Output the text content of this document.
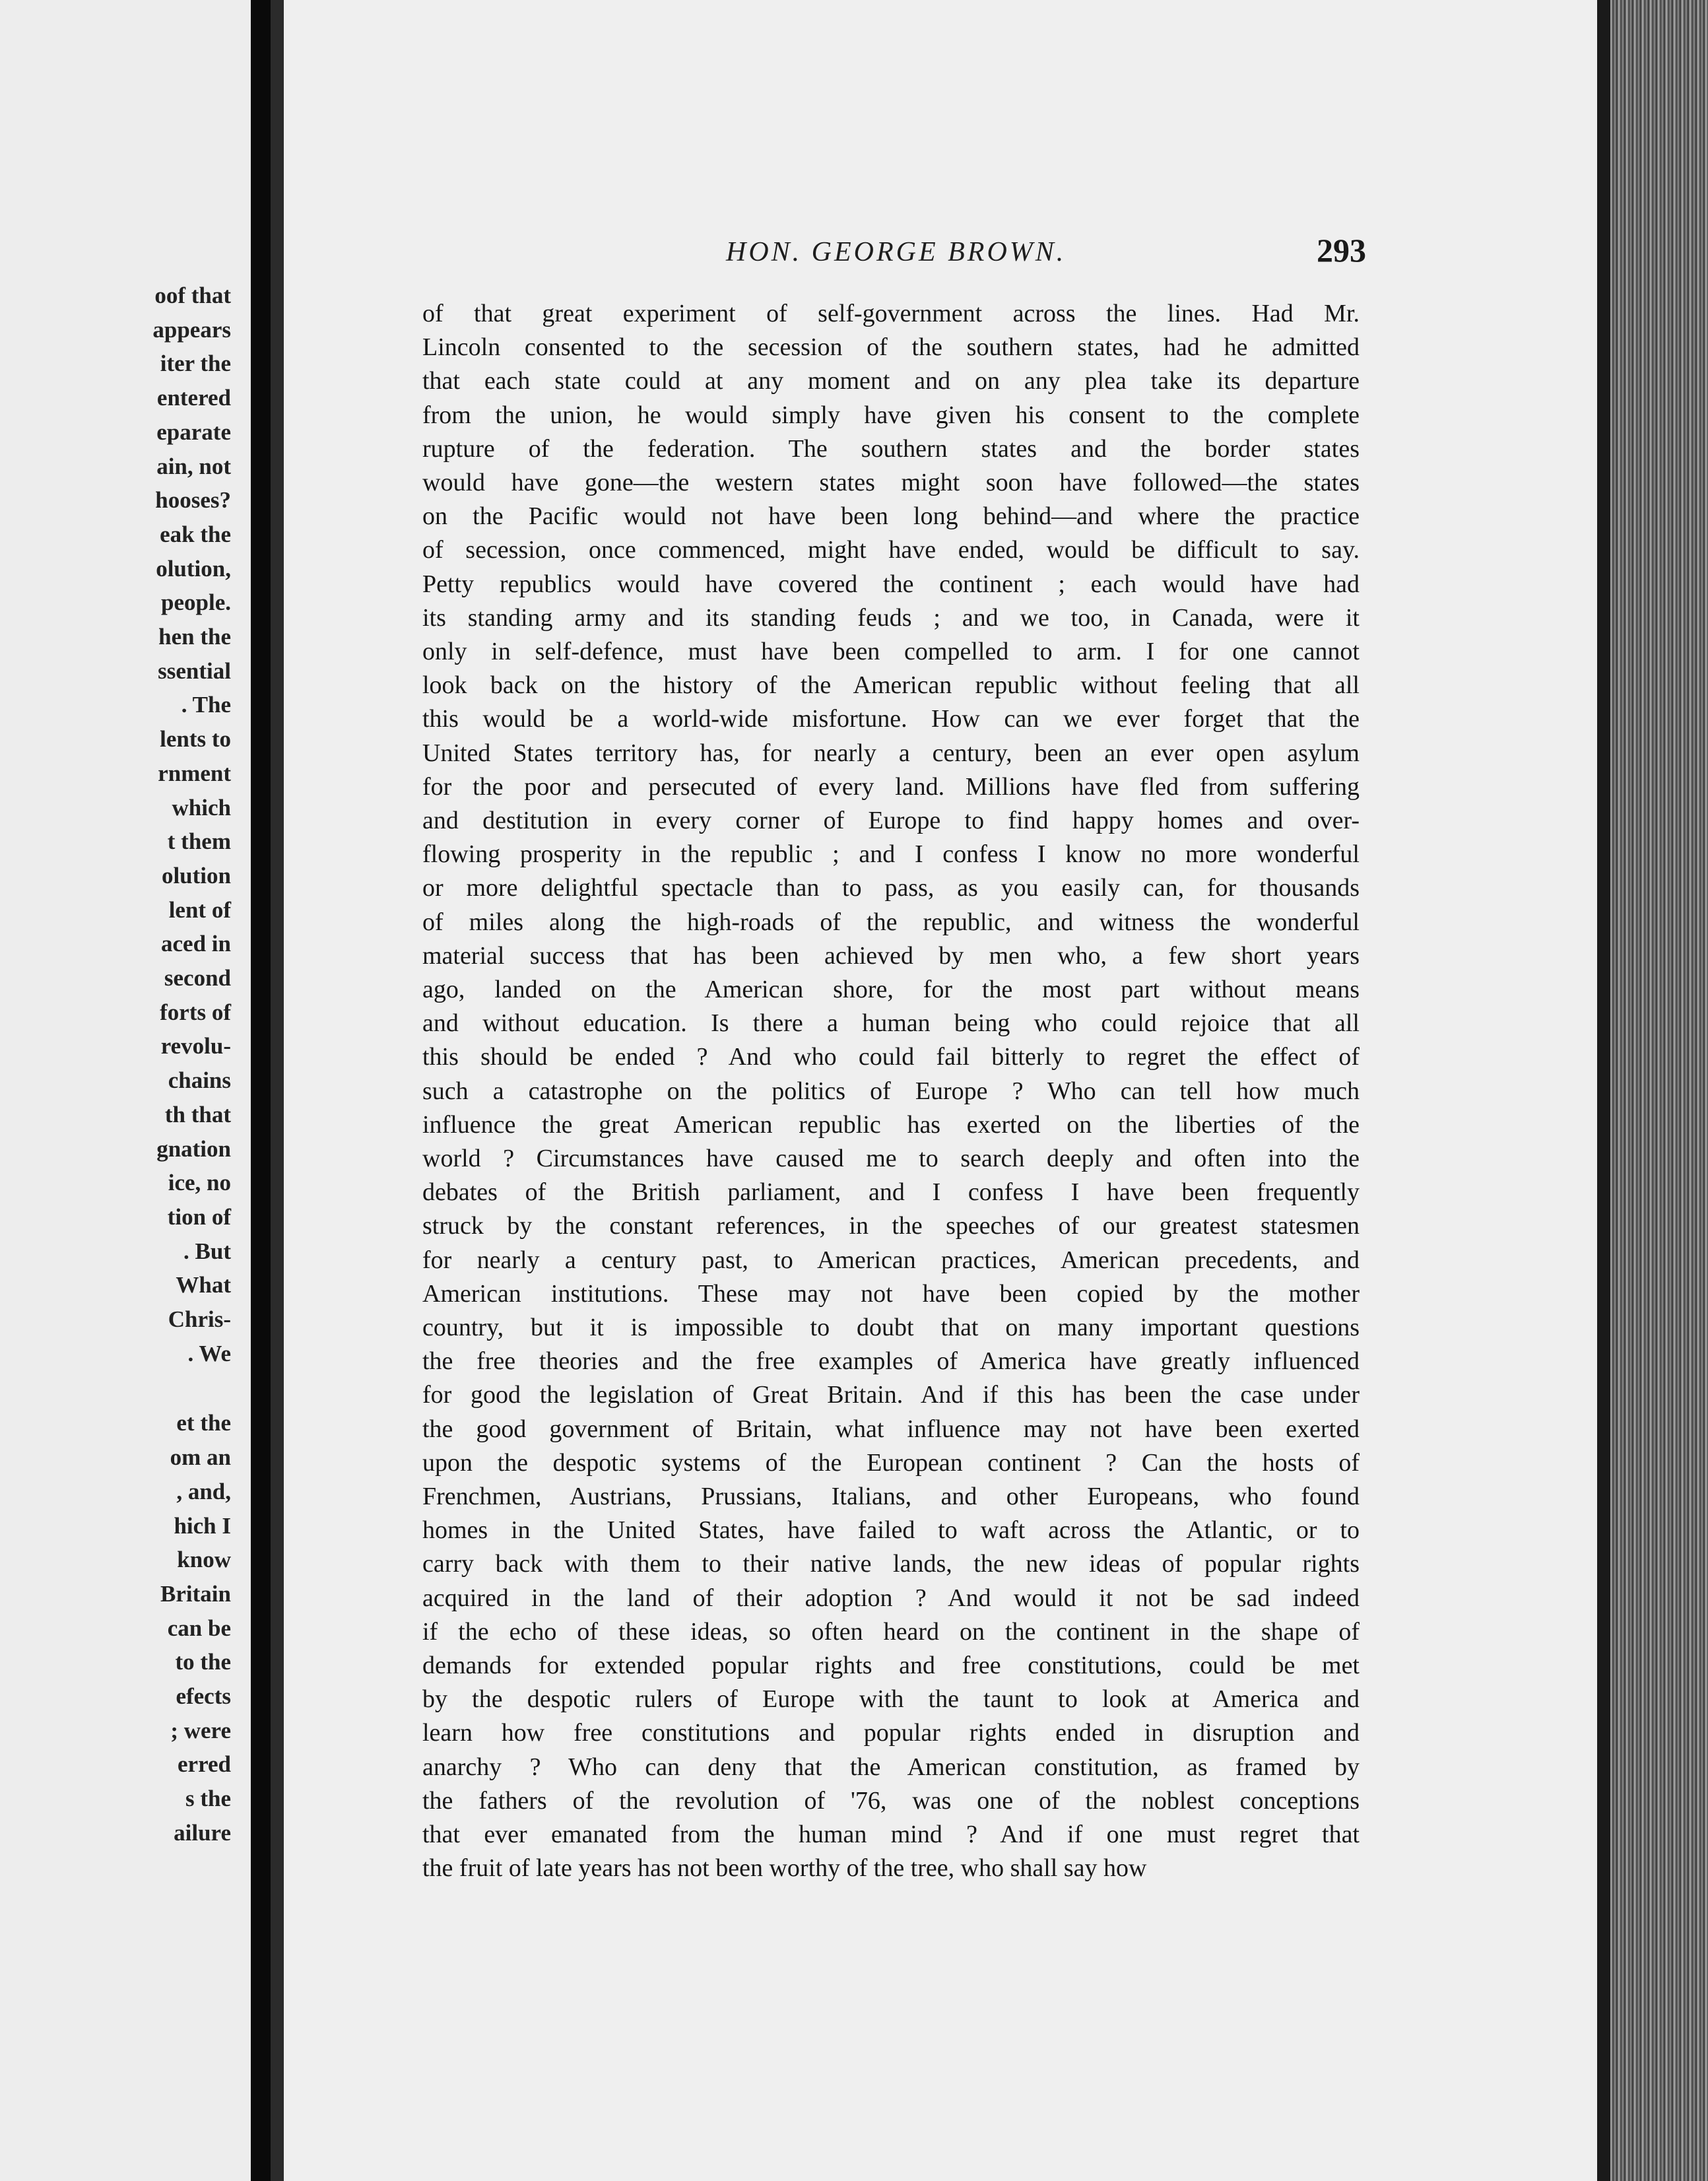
oof that
appears
iter the
entered
eparate
ain, not
hooses?
eak the
olution,
people.
hen the
ssential
. The
lents to
rnment
which
t them
olution
lent of
aced in
second
forts of
revolu-
chains
th that
gnation
ice, no
tion of
. But
What
Chris-
. We
et the
om an
, and,
hich I
know
Britain
can be
to the
efects
; were
erred
s the
ailure
HON. GEORGE BROWN.	293
of that great experiment of self-government across the lines. Had Mr.
Lincoln consented to the secession of the southern states, had he admitted
that each state could at any moment and on any plea take its departure
from the union, he would simply have given his consent to the complete
rupture of the federation. The southern states and the border states
would have gone—the western states might soon have followed—the states
on the Pacific would not have been long behind—and where the practice
of secession, once commenced, might have ended, would be difficult to say.
Petty republics would have covered the continent ; each would have had
its standing army and its standing feuds ; and we too, in Canada, were it
only in self-defence, must have been compelled to arm. I for one cannot
look back on the history of the American republic without feeling that all
this would be a world-wide misfortune. How can we ever forget that the
United States territory has, for nearly a century, been an ever open asylum
for the poor and persecuted of every land. Millions have fled from suffering
and destitution in every corner of Europe to find happy homes and over-
flowing prosperity in the republic ; and I confess I know no more wonderful
or more delightful spectacle than to pass, as you easily can, for thousands
of miles along the high-roads of the republic, and witness the wonderful
material success that has been achieved by men who, a few short years
ago, landed on the American shore, for the most part without means
and without education. Is there a human being who could rejoice that all
this should be ended ? And who could fail bitterly to regret the effect of
such a catastrophe on the politics of Europe ? Who can tell how much
influence the great American republic has exerted on the liberties of the
world ? Circumstances have caused me to search deeply and often into the
debates of the British parliament, and I confess I have been frequently
struck by the constant references, in the speeches of our greatest statesmen
for nearly a century past, to American practices, American precedents, and
American institutions. These may not have been copied by the mother
country, but it is impossible to doubt that on many important questions
the free theories and the free examples of America have greatly influenced
for good the legislation of Great Britain. And if this has been the case under
the good government of Britain, what influence may not have been exerted
upon the despotic systems of the European continent ? Can the hosts of
Frenchmen, Austrians, Prussians, Italians, and other Europeans, who found
homes in the United States, have failed to waft across the Atlantic, or to
carry back with them to their native lands, the new ideas of popular rights
acquired in the land of their adoption ? And would it not be sad indeed
if the echo of these ideas, so often heard on the continent in the shape of
demands for extended popular rights and free constitutions, could be met
by the despotic rulers of Europe with the taunt to look at America and
learn how free constitutions and popular rights ended in disruption and
anarchy ? Who can deny that the American constitution, as framed by
the fathers of the revolution of '76, was one of the noblest conceptions
that ever emanated from the human mind ? And if one must regret that
the fruit of late years has not been worthy of the tree, who shall say how
